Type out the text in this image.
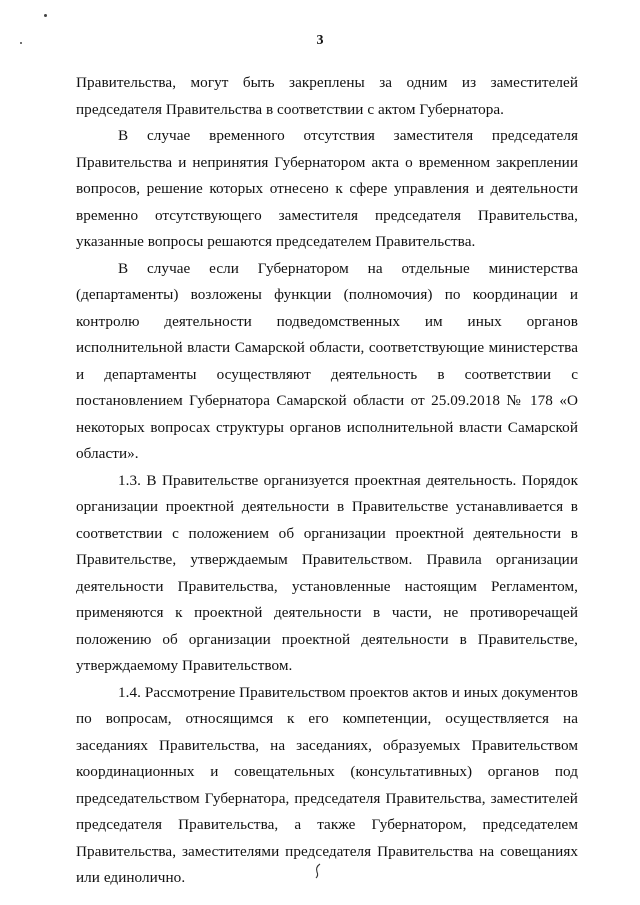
3

Правительства, могут быть закреплены за одним из заместителей председателя Правительства в соответствии с актом Губернатора.

В случае временного отсутствия заместителя председателя Правительства и непринятия Губернатором акта о временном закреплении вопросов, решение которых отнесено к сфере управления и деятельности временно отсутствующего заместителя председателя Правительства, указанные вопросы решаются председателем Правительства.

В случае если Губернатором на отдельные министерства (департаменты) возложены функции (полномочия) по координации и контролю деятельности подведомственных им иных органов исполнительной власти Самарской области, соответствующие министерства и департаменты осуществляют деятельность в соответствии с постановлением Губернатора Самарской области от 25.09.2018 № 178 «О некоторых вопросах структуры органов исполнительной власти Самарской области».

1.3. В Правительстве организуется проектная деятельность. Порядок организации проектной деятельности в Правительстве устанавливается в соответствии с положением об организации проектной деятельности в Правительстве, утверждаемым Правительством. Правила организации деятельности Правительства, установленные настоящим Регламентом, применяются к проектной деятельности в части, не противоречащей положению об организации проектной деятельности в Правительстве, утверждаемому Правительством.

1.4. Рассмотрение Правительством проектов актов и иных документов по вопросам, относящимся к его компетенции, осуществляется на заседаниях Правительства, на заседаниях, образуемых Правительством координационных и совещательных (консультативных) органов под председательством Губернатора, председателя Правительства, заместителей председателя Правительства, а также Губернатором, председателем Правительства, заместителями председателя Правительства на совещаниях или единолично.
